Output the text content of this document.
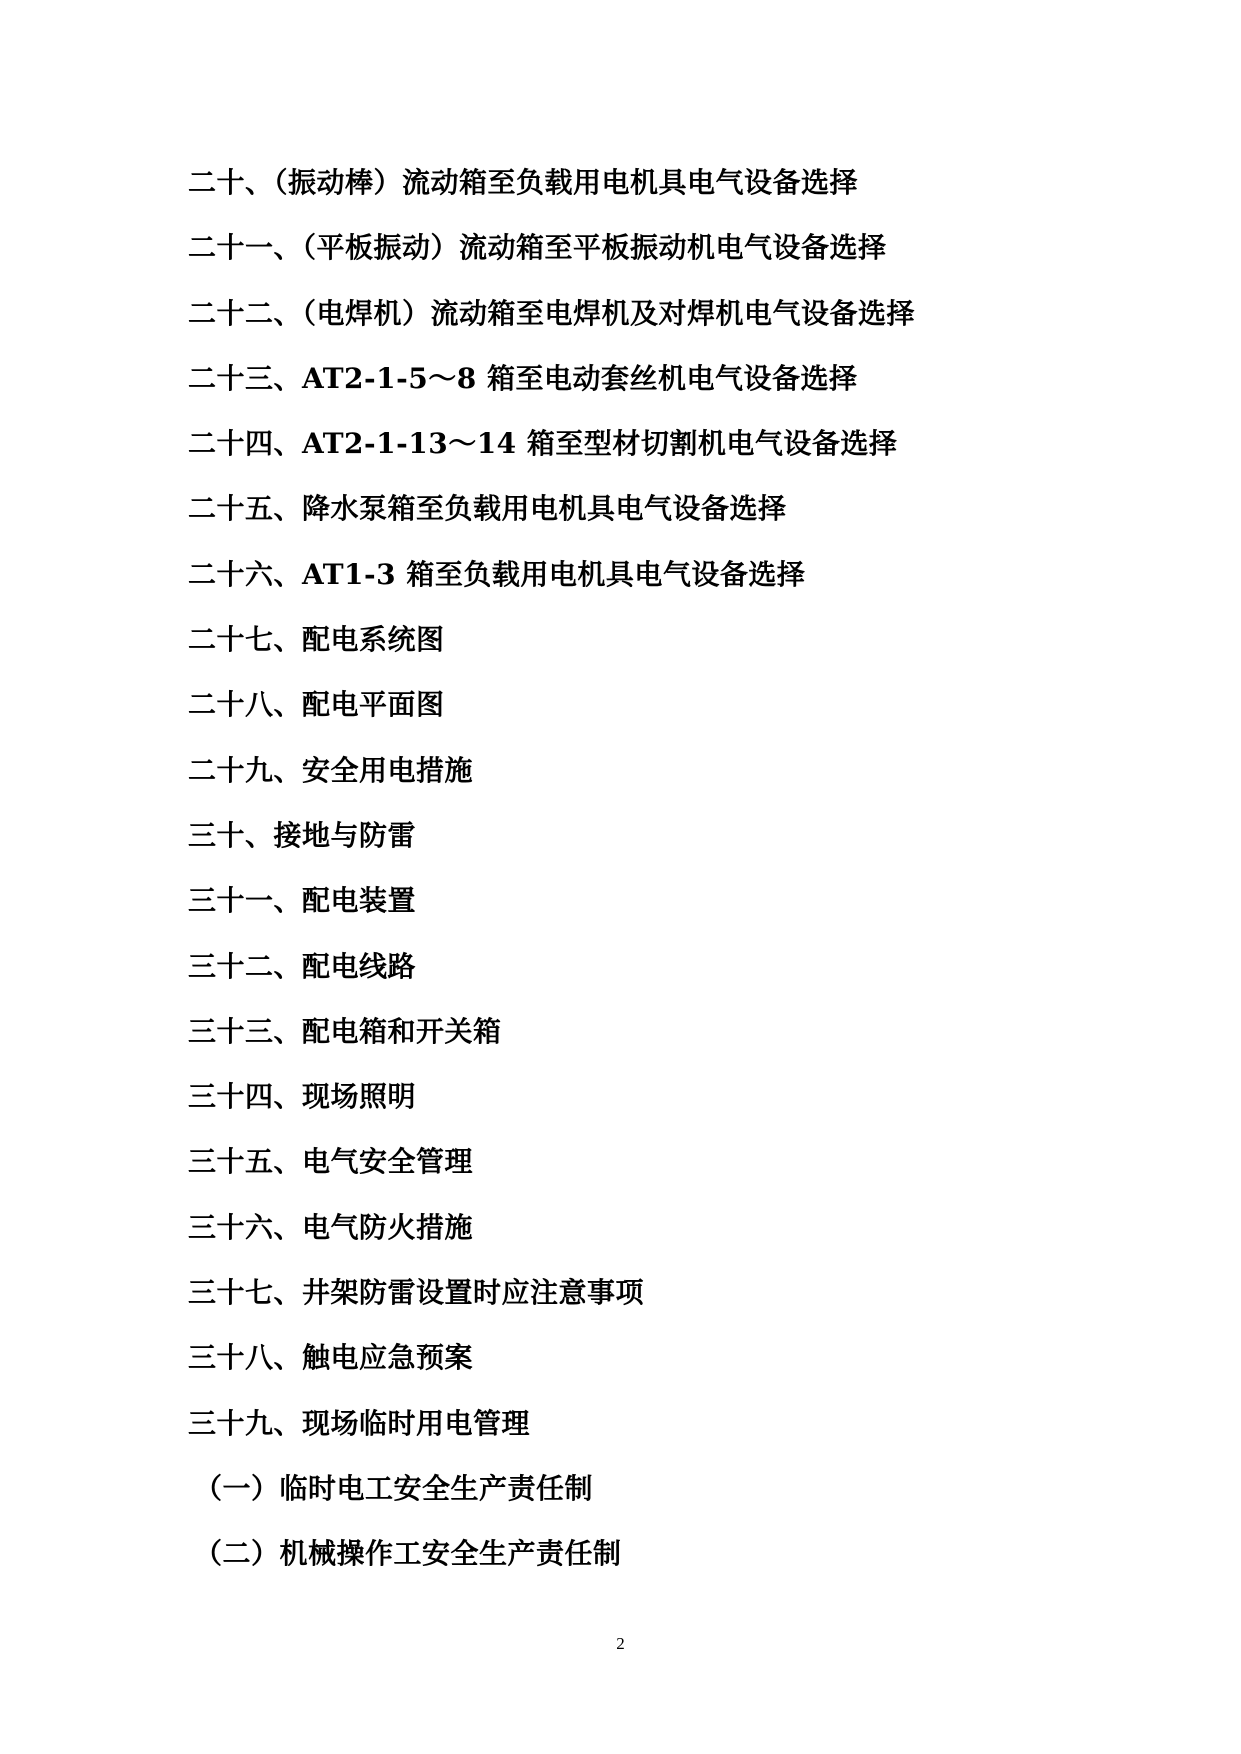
二十、（振动棒）流动箱至负载用电机具电气设备选择
二十一、（平板振动）流动箱至平板振动机电气设备选择
二十二、（电焊机）流动箱至电焊机及对焊机电气设备选择
二十三、AT2-1-5～8 箱至电动套丝机电气设备选择
二十四、AT2-1-13～14 箱至型材切割机电气设备选择
二十五、降水泵箱至负载用电机具电气设备选择
二十六、AT1-3 箱至负载用电机具电气设备选择
二十七、配电系统图
二十八、配电平面图
二十九、安全用电措施
三十、接地与防雷
三十一、配电装置
三十二、配电线路
三十三、配电箱和开关箱
三十四、现场照明
三十五、电气安全管理
三十六、电气防火措施
三十七、井架防雷设置时应注意事项
三十八、触电应急预案
三十九、现场临时用电管理
（一）临时电工安全生产责任制
（二）机械操作工安全生产责任制
2
